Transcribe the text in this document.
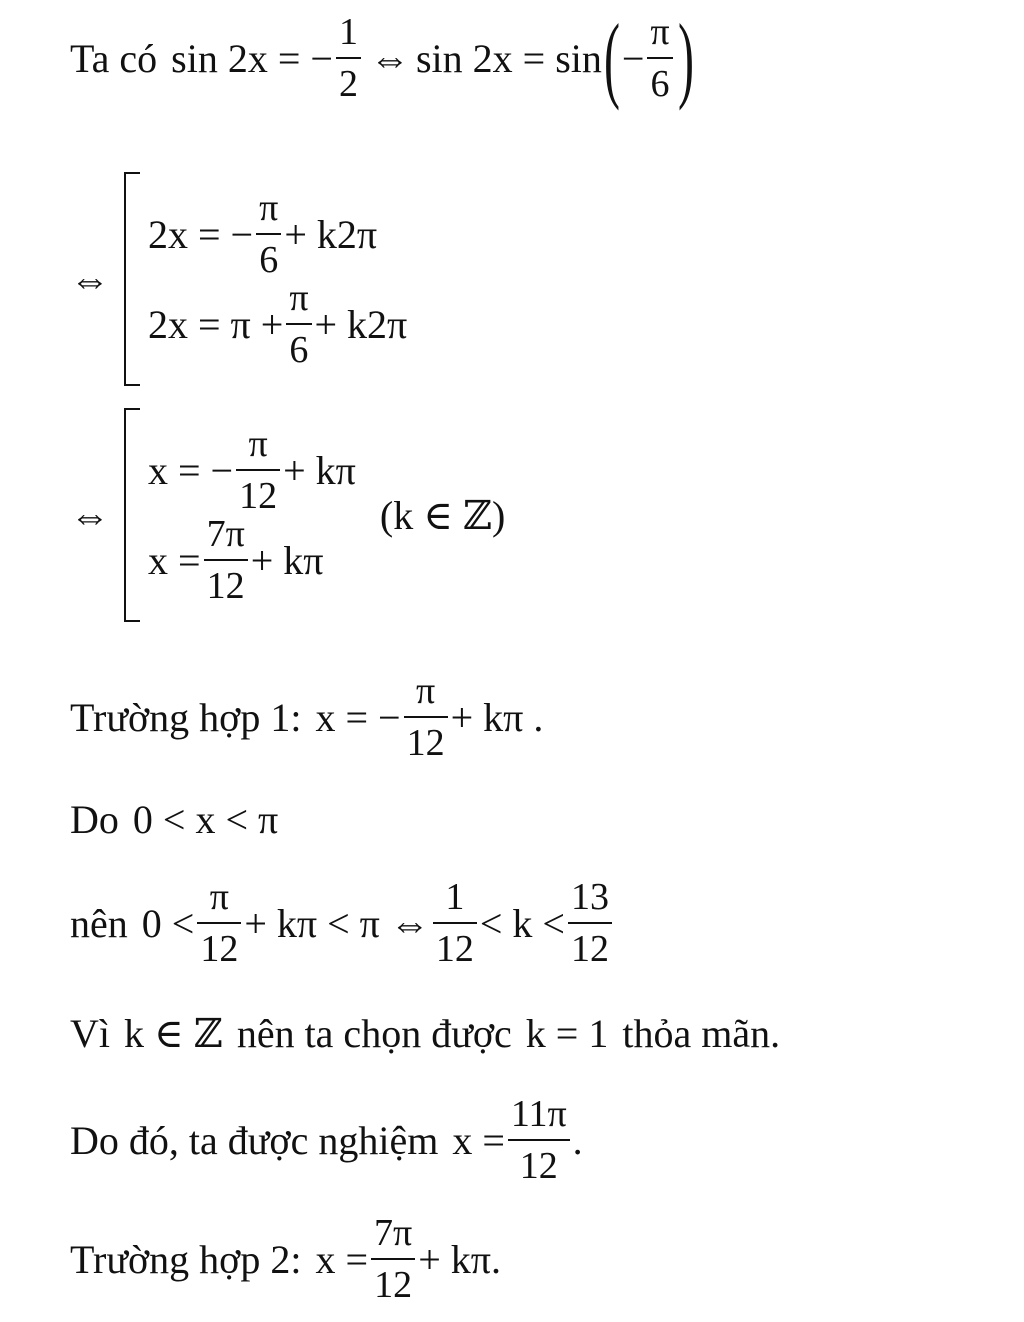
Ta có sin 2x = − $\frac{1}{2}$ ⇔ sin 2x = sin ( − $\frac{\pi}{6}$ )
⇔
2x = − $\frac{\pi}{6} + k2\pi$
$2x = \pi + \frac{\pi}{6} + k2\pi$
⇔
x = − $\frac{\pi}{12} + k\pi$
$x = \frac{7\pi}{12} + k\pi$
(k ∈ ℤ)
Trường hợp 1: x = − $\frac{\pi}{12} + k\pi$ .
Do 0 < x < π
nên $0 < \frac{\pi}{12} + k\pi < \pi$ ⇔ $\frac{1}{12} < k < \frac{13}{12}$
Vì k ∈ ℤ nên ta chọn được k = 1 thỏa mãn.
Do đó, ta được nghiệm $x = \frac{11\pi}{12}$ .
Trường hợp 2: $x = \frac{7\pi}{12} + k\pi$.
